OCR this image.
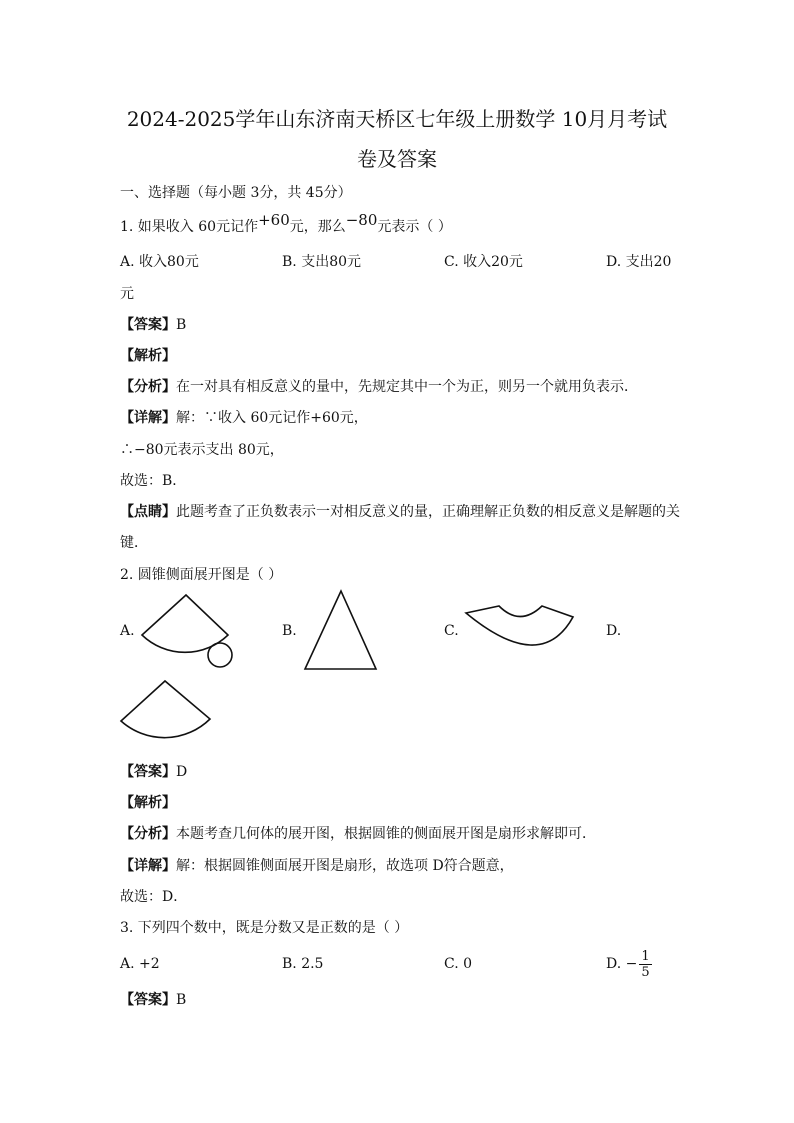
2024-2025学年山东济南天桥区七年级上册数学 10月月考试
卷及答案
一、选择题（每小题 3分，共 45分）
1. 如果收入 60元记作+60元，那么−80元表示（ ）
A. 收入80元	B. 支出80元	C. 收入20元	D. 支出20
元
【答案】B
【解析】
【分析】在一对具有相反意义的量中，先规定其中一个为正，则另一个就用负表示．
【详解】解：∵收入 60元记作+60元，
∴−80元表示支出 80元，
故选：B．
【点睛】此题考查了正负数表示一对相反意义的量，正确理解正负数的相反意义是解题的关
键．
2. 圆锥侧面展开图是（ ）
A.	B.	C.	D.
【答案】D
【解析】
【分析】本题考查几何体的展开图，根据圆锥的侧面展开图是扇形求解即可．
【详解】解：根据圆锥侧面展开图是扇形，故选项 D符合题意，
故选：D．
3. 下列四个数中，既是分数又是正数的是（ ）
A. +2	B. 2.5	C. 0	D. − $\frac{1}{5}$
【答案】B
